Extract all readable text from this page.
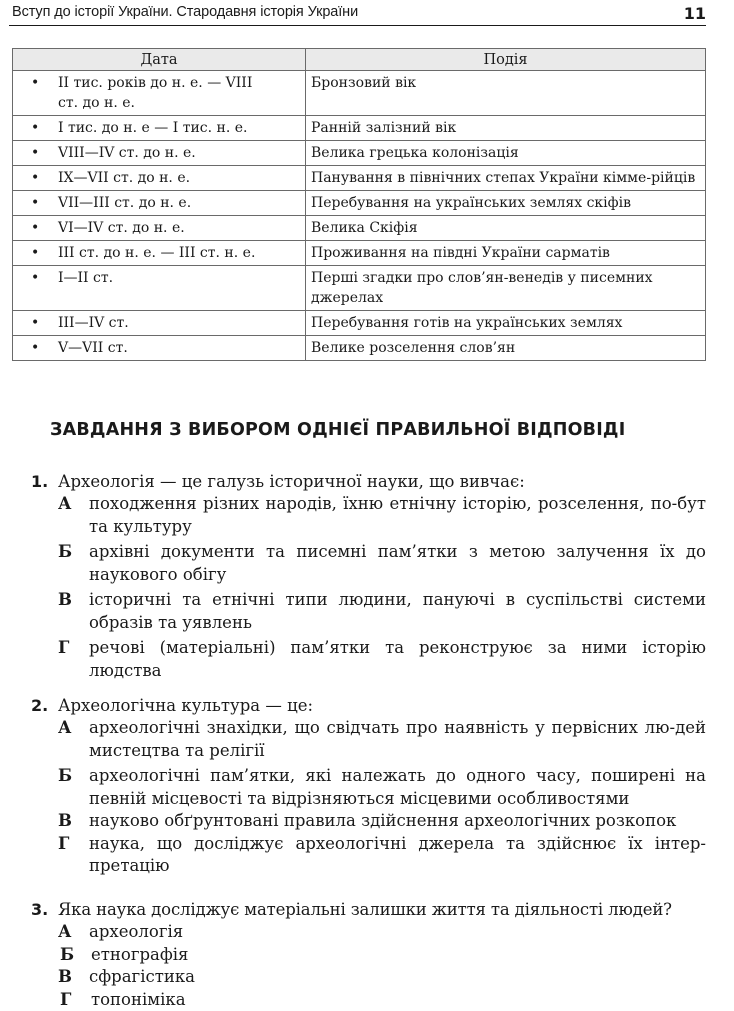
Вступ до історії України. Стародавня історія України	11
Дата	Подія
• II тис. років до н. е. — VIII ст. до н. е.	Бронзовий вік
• I тис. до н. е — I тис. н. е.	Ранній залізний вік
• VIII—IV ст. до н. е.	Велика грецька колонізація
• IX—VII ст. до н. е.	Панування в північних степах України кімме-рійців
• VII—III ст. до н. е.	Перебування на українських землях скіфів
• VI—IV ст. до н. е.	Велика Скіфія
• III ст. до н. е. — III ст. н. е.	Проживання на півдні України сарматів
• I—II ст.	Перші згадки про слов’ян-венедів у писемних джерелах
• III—IV ст.	Перебування готів на українських землях
• V—VII ст.	Велике розселення слов’ян
ЗАВДАННЯ З ВИБОРОМ ОДНІЄЇ ПРАВИЛЬНОЇ ВІДПОВІДІ
1. Археологія — це галузь історичної науки, що вивчає:
А походження різних народів, їхню етнічну історію, розселення, по-бут та культуру
Б архівні документи та писемні пам’ятки з метою залучення їх до наукового обігу
В історичні та етнічні типи людини, пануючі в суспільстві системи образів та уявлень
Г речові (матеріальні) пам’ятки та реконструює за ними історію людства
2. Археологічна культура — це:
А археологічні знахідки, що свідчать про наявність у первісних лю-дей мистецтва та релігії
Б археологічні пам’ятки, які належать до одного часу, поширені на певній місцевості та відрізняються місцевими особливостями
В науково обґрунтовані правила здійснення археологічних розкопок
Г наука, що досліджує археологічні джерела та здійснює їх інтер-претацію
3. Яка наука досліджує матеріальні залишки життя та діяльності людей?
А археологія
Б етнографія
В сфрагістика
Г топоніміка
